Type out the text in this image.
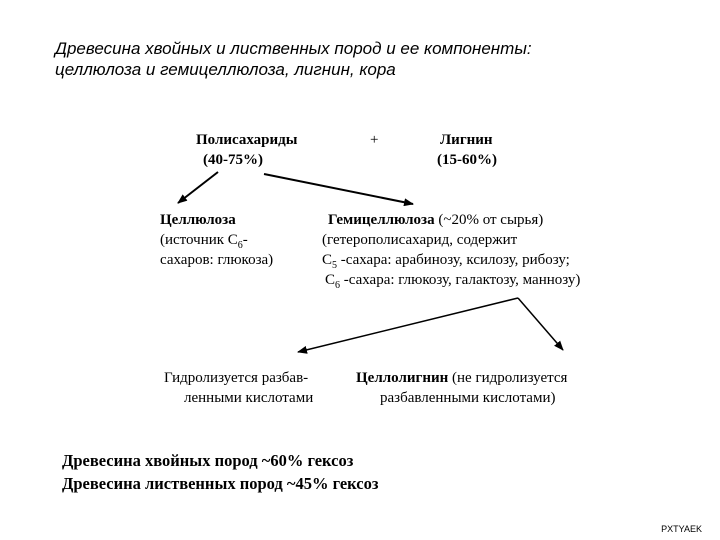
Древесина хвойных и лиственных пород и ее компоненты:
целлюлоза и гемицеллюлоза, лигнин, кора
Полисахариды
(40-75%)
+	Лигнин
(15-60%)
Целлюлоза
(источник $С_6-$
сахаров: глюкоза)
Гемицеллюлоза (~20% от сырья)
(гетерополисахарид, содержит
$С_5$ -сахара: арабинозу, ксилозу, рибозу;
$С_6$ -сахара: глюкозу, галактозу, маннозу)
Гидролизуется разбав-
ленными кислотами
Целлолигнин (не гидролизуется
разбавленными кислотами)
Древесина хвойных пород ~60% гексоз
Древесина лиственных пород ~45% гексоз
PXTYAEK
